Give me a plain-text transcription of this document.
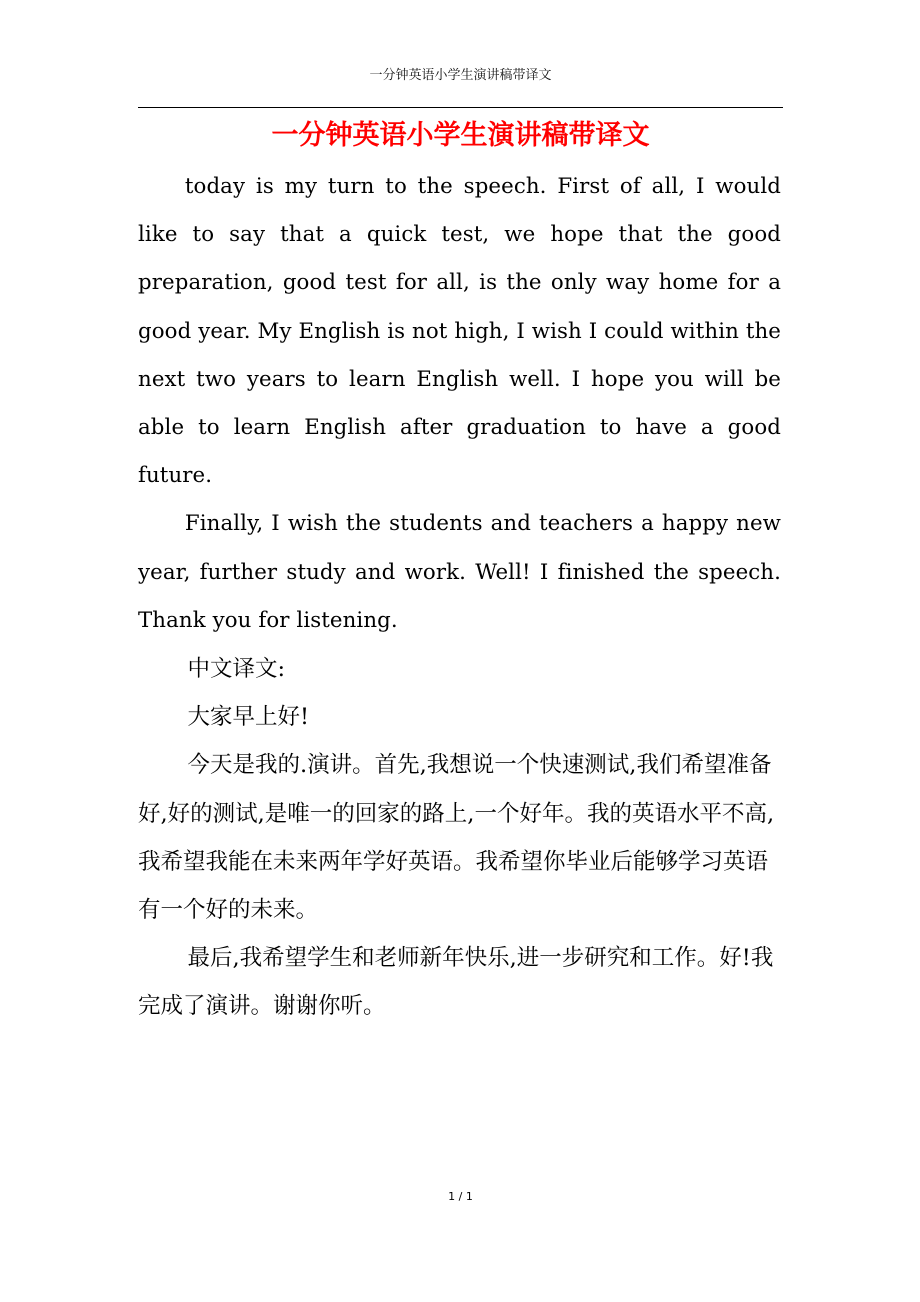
一分钟英语小学生演讲稿带译文
一分钟英语小学生演讲稿带译文

today is my turn to the speech. First of all, I would like to say that a quick test, we hope that the good preparation, good test for all, is the only way home for a good year. My English is not high, I wish I could within the next two years to learn English well. I hope you will be able to learn English after graduation to have a good future.

Finally, I wish the students and teachers a happy new year, further study and work. Well! I finished the speech. Thank you for listening.

中文译文:

大家早上好!

今天是我的.演讲。首先,我想说一个快速测试,我们希望准备好,好的测试,是唯一的回家的路上,一个好年。我的英语水平不高,我希望我能在未来两年学好英语。我希望你毕业后能够学习英语有一个好的未来。

最后,我希望学生和老师新年快乐,进一步研究和工作。好!我完成了演讲。谢谢你听。

1 / 1
